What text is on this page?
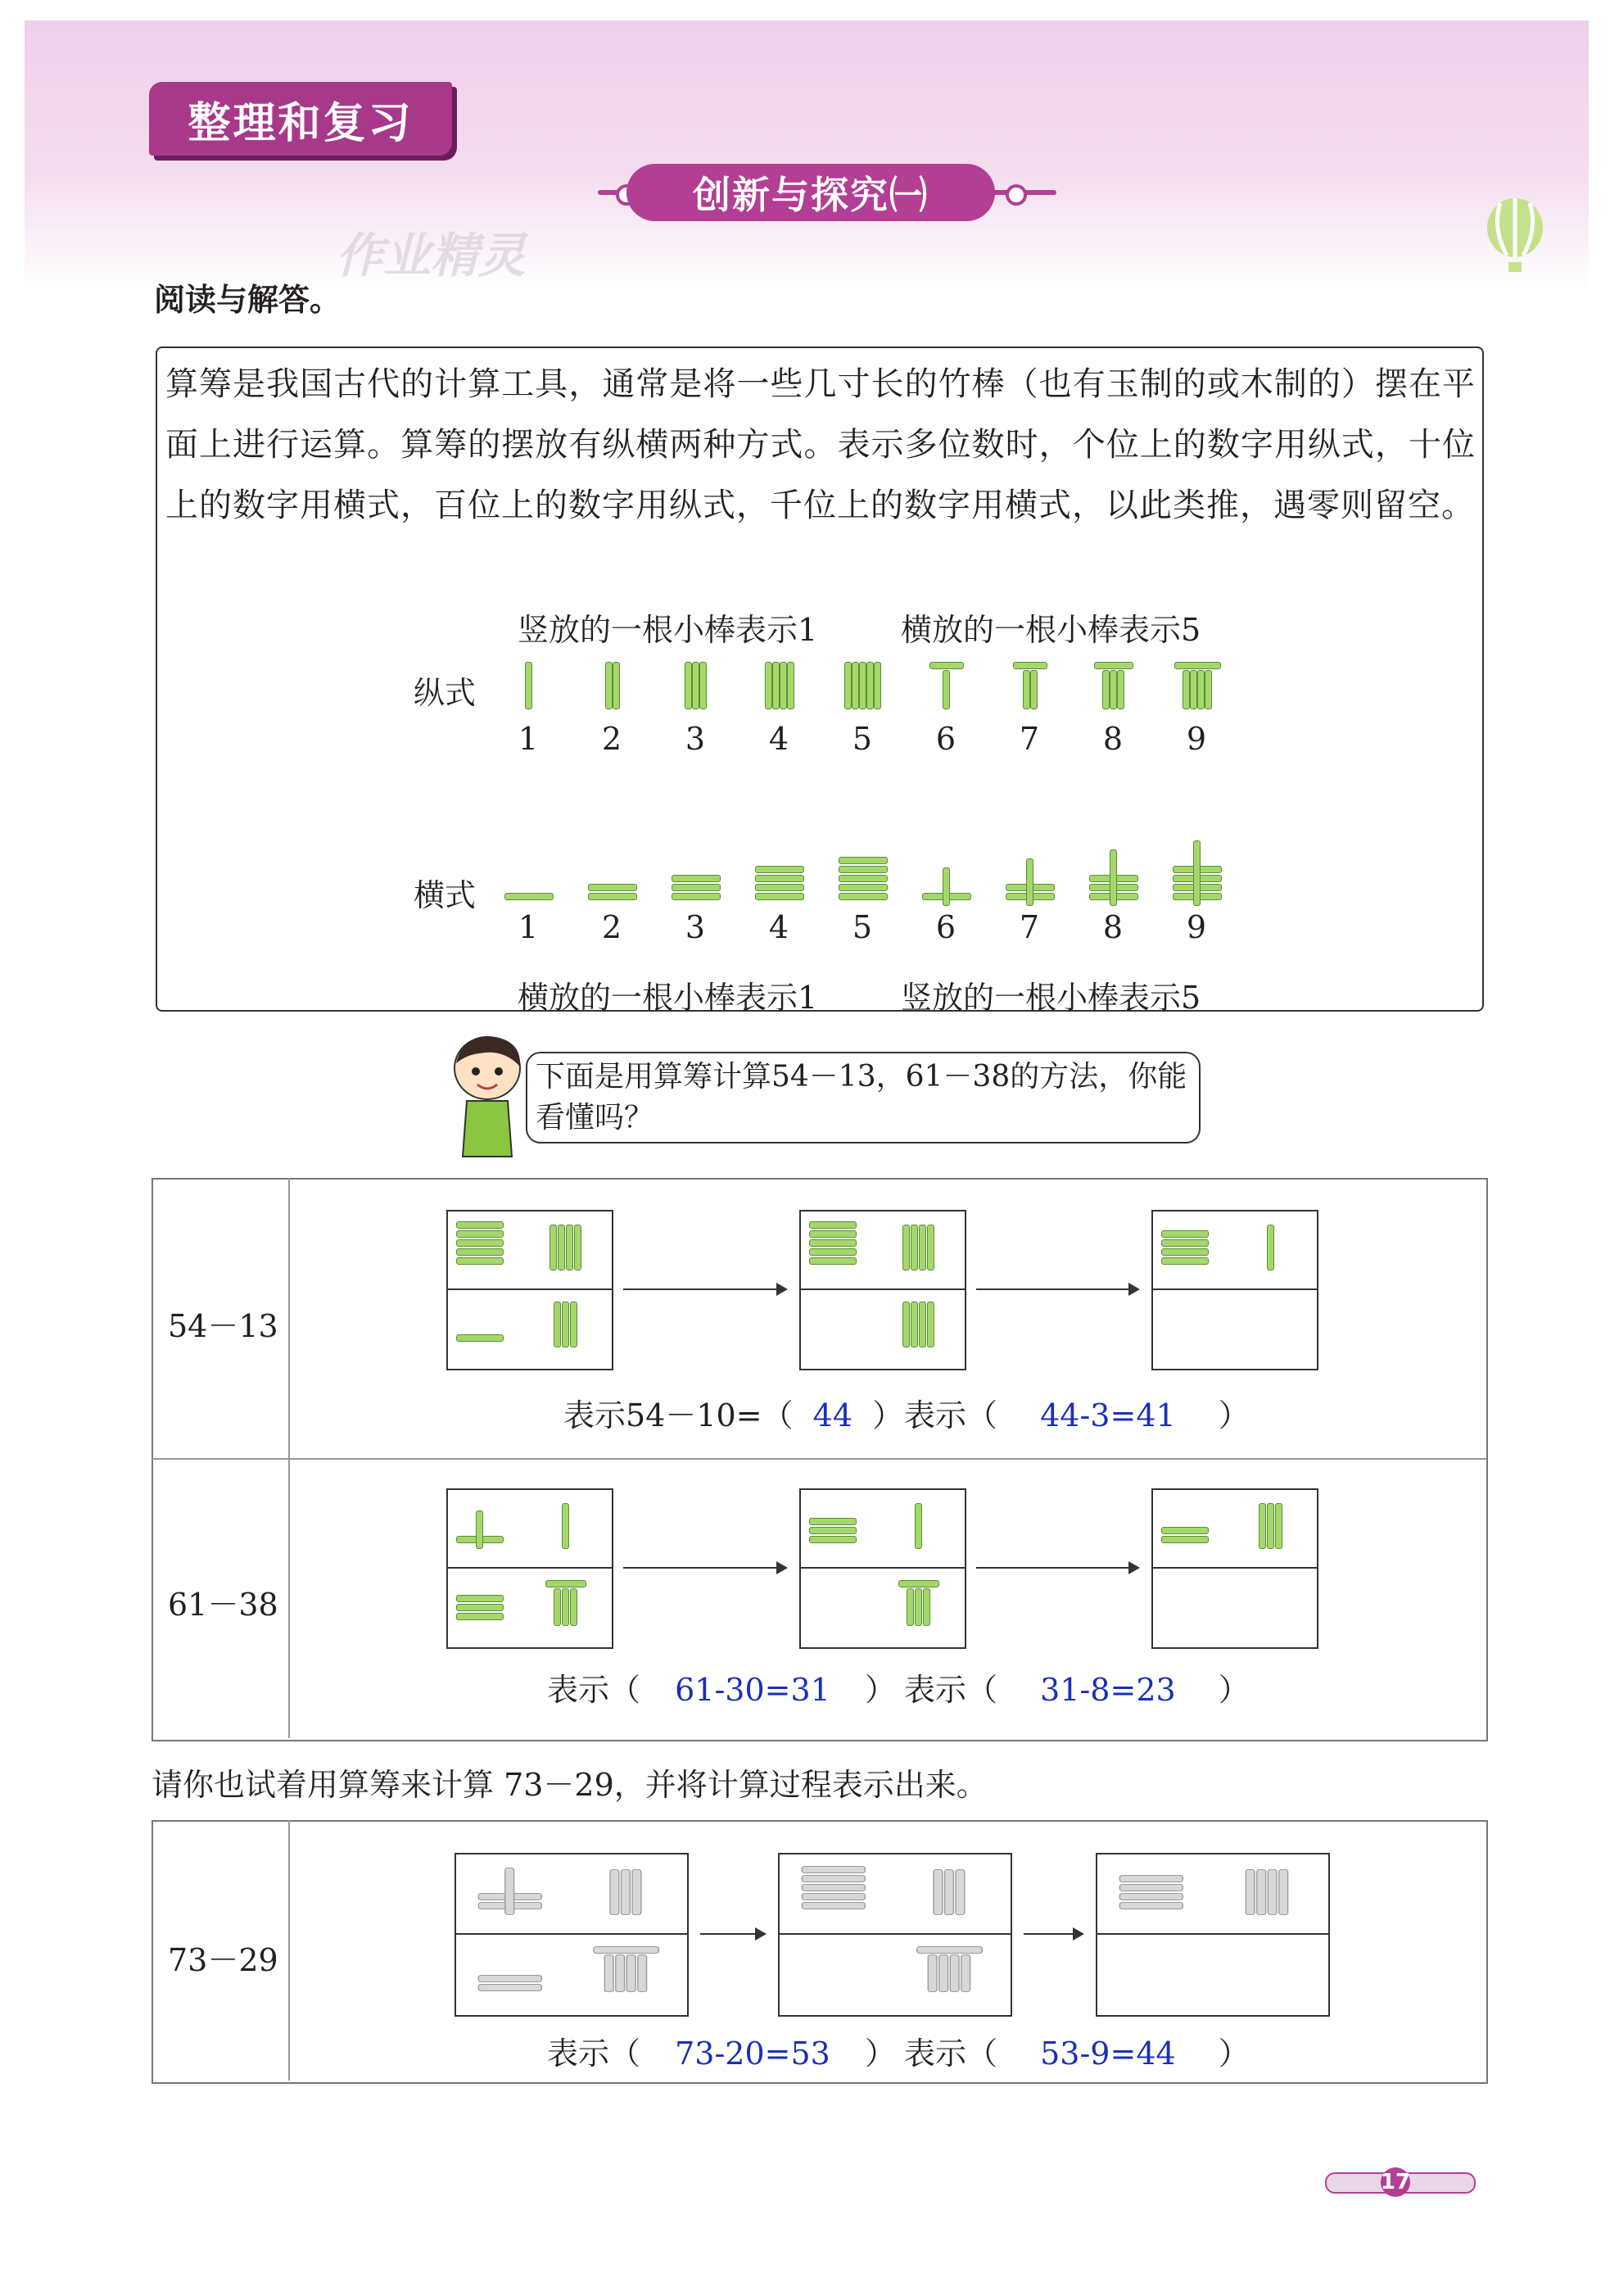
整理和复习
创新与探究㈠
作业精灵
阅读与解答。
算筹是我国古代的计算工具，通常是将一些几寸长的竹棒（也有玉制的或木制的）摆在平面上进行运算。算筹的摆放有纵横两种方式。表示多位数时，个位上的数字用纵式，十位上的数字用横式，百位上的数字用纵式，千位上的数字用横式，以此类推，遇零则留空。
竖放的一根小棒表示1	横放的一根小棒表示5
纵式
横式
1 2 3 4 5 6 7 8 9
1 2 3 4 5 6 7 8 9
横放的一根小棒表示1	竖放的一根小棒表示5
下面是用算筹计算54－13，61－38的方法，你能看懂吗？
54－13
61－38
表示54－10=（ 44 ） 表示（ 44-3=41 ）
表示（ 61-30=31 ） 表示（ 31-8=23 ）
请你也试着用算筹来计算 73－29，并将计算过程表示出来。
73－29
表示（ 73-20=53 ） 表示（ 53-9=44 ）
17
